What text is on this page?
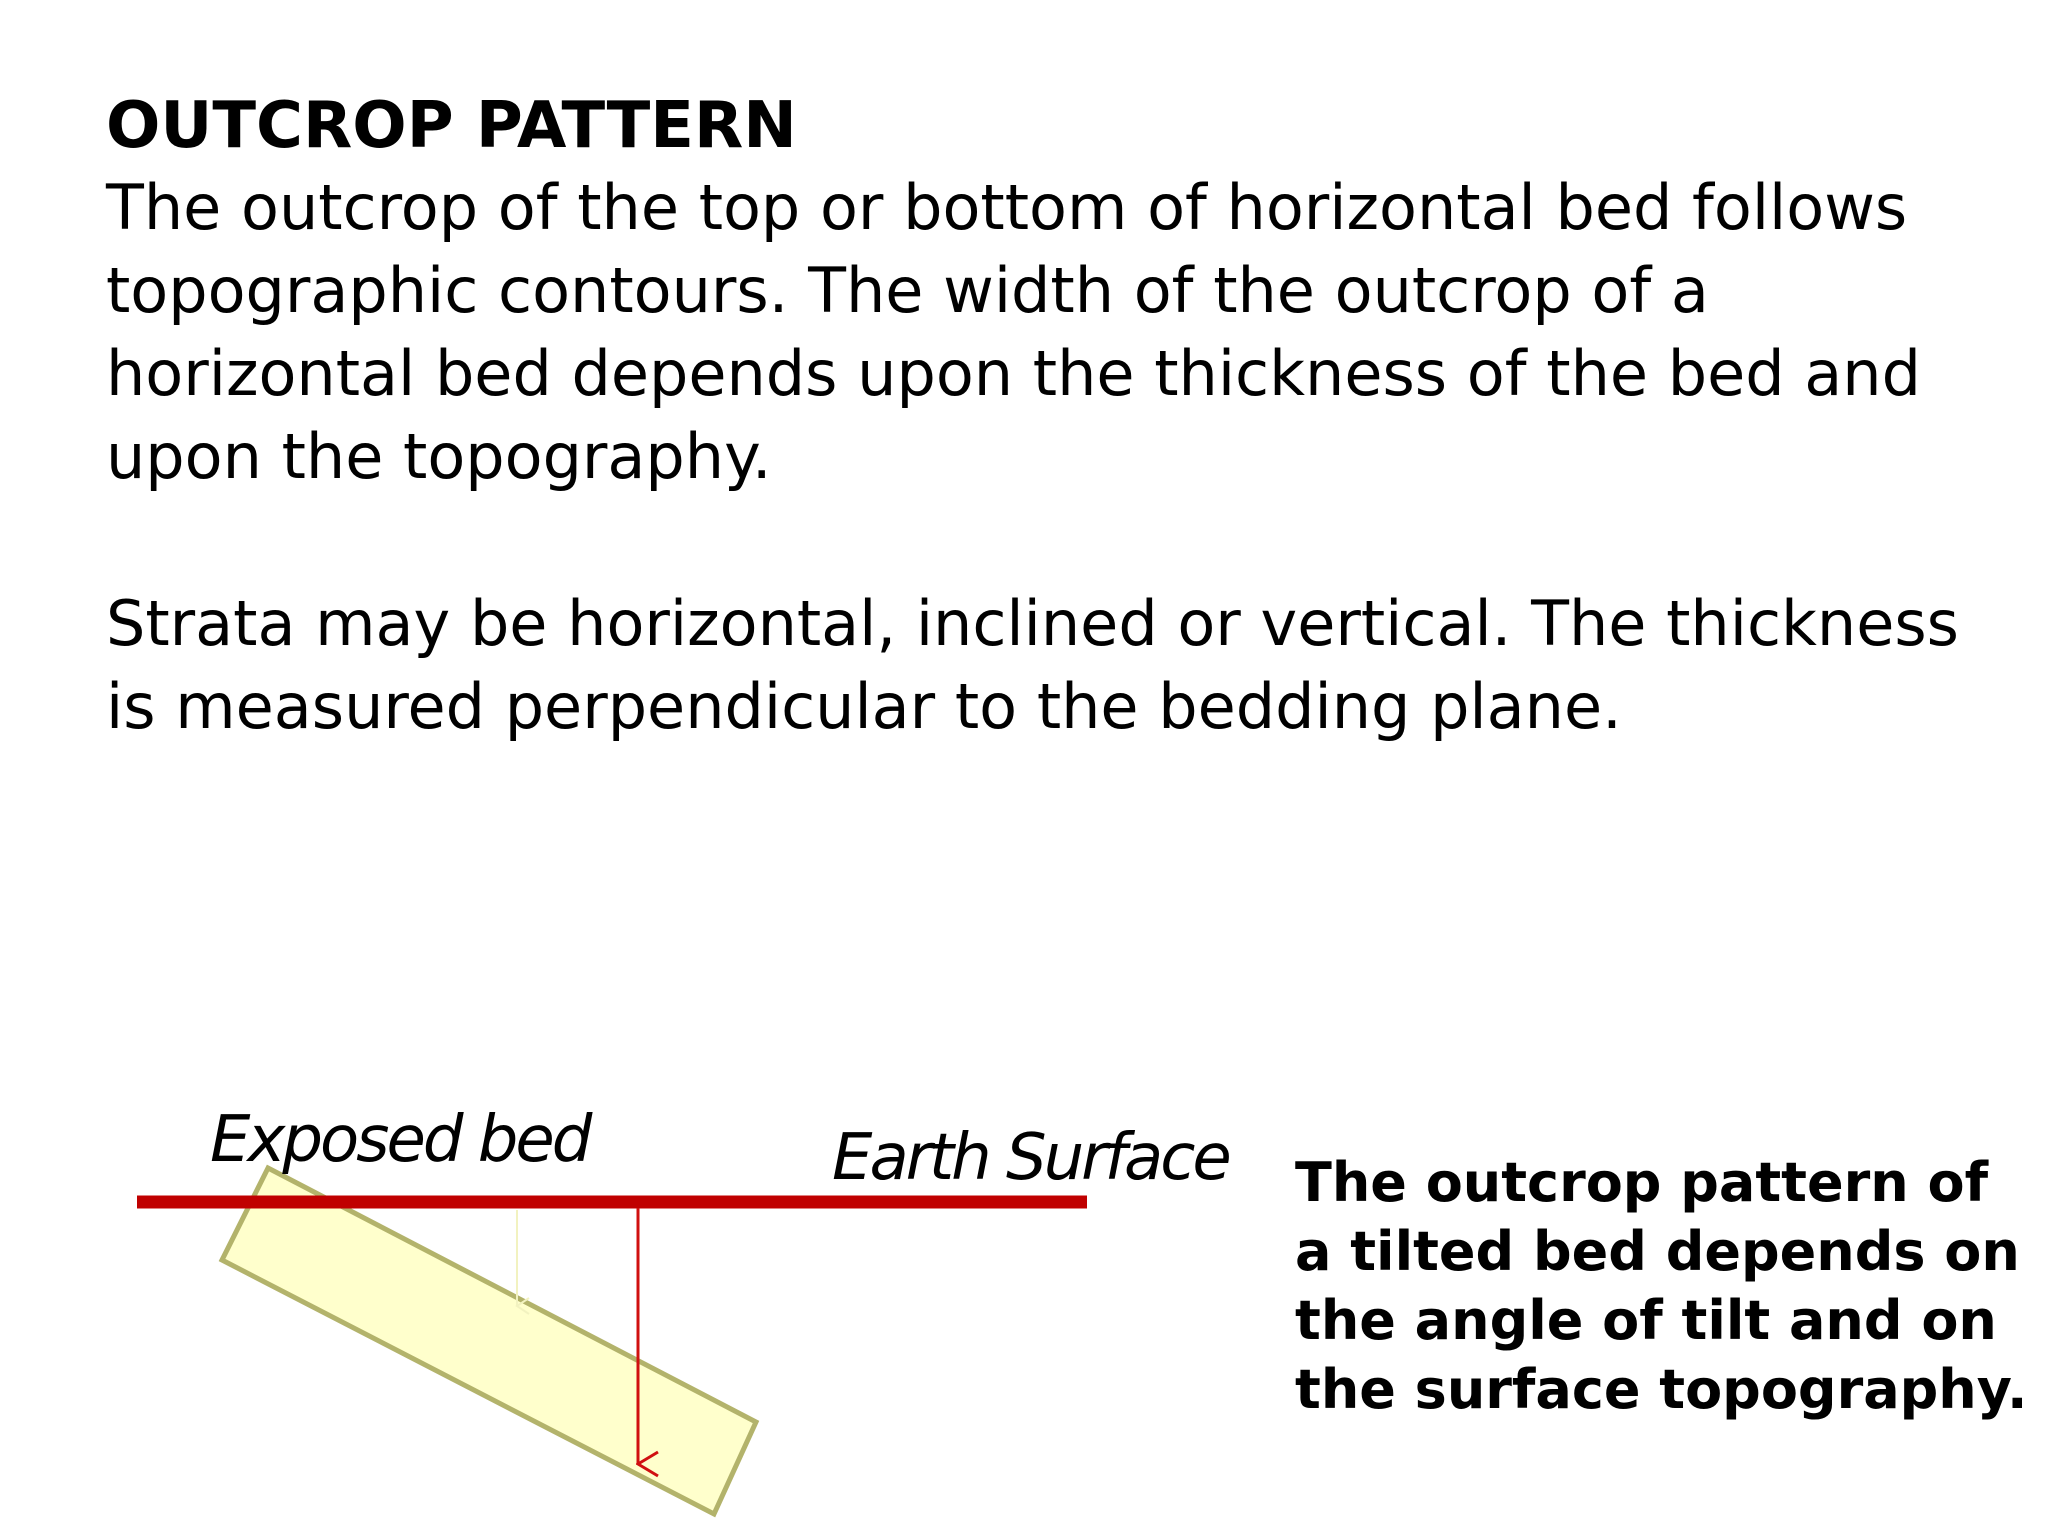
OUTCROP PATTERN

The outcrop of the top or bottom of horizontal bed follows
topographic contours. The width of the outcrop of a
horizontal bed depends upon the thickness of the bed and
upon the topography.

Strata may be horizontal, inclined or vertical. The thickness
is measured perpendicular to the bedding plane.

Exposed bed	Earth Surface The outcrop pattern of
a tilted bed depends on
the angle of tilt and on
the surface topography.
